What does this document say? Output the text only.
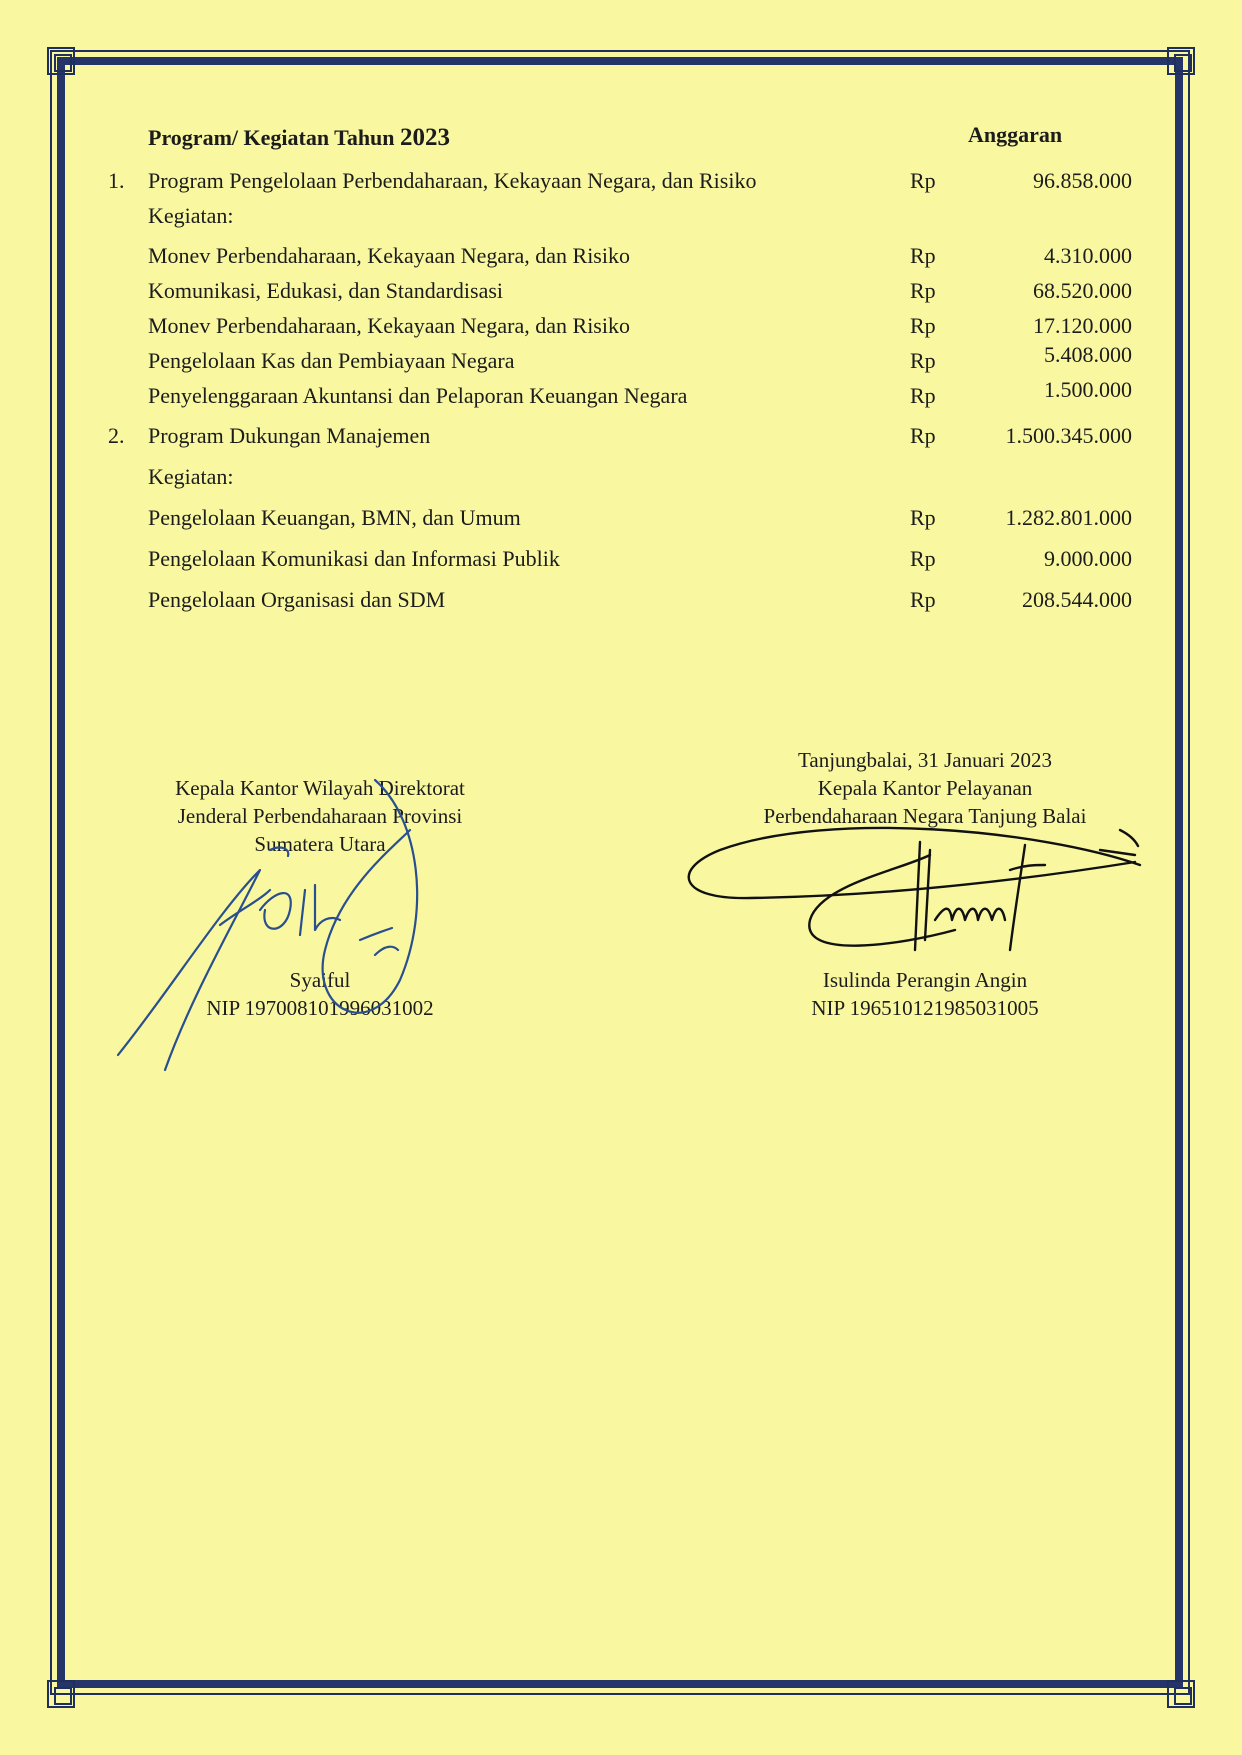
Program/ Kegiatan Tahun 2023	Anggaran
1. Program Pengelolaan Perbendaharaan, Kekayaan Negara, dan Risiko	Rp	96.858.000
Kegiatan:
Monev Perbendaharaan, Kekayaan Negara, dan Risiko	Rp	4.310.000
Komunikasi, Edukasi, dan Standardisasi	Rp	68.520.000
Monev Perbendaharaan, Kekayaan Negara, dan Risiko	Rp	17.120.000
Pengelolaan Kas dan Pembiayaan Negara	Rp	5.408.000
Penyelenggaraan Akuntansi dan Pelaporan Keuangan Negara	Rp	1.500.000
2. Program Dukungan Manajemen	Rp	1.500.345.000
Kegiatan:
Pengelolaan Keuangan, BMN, dan Umum	Rp	1.282.801.000
Pengelolaan Komunikasi dan Informasi Publik	Rp	9.000.000
Pengelolaan Organisasi dan SDM	Rp	208.544.000
Kepala Kantor Wilayah Direktorat
Jenderal Perbendaharaan Provinsi
Sumatera Utara
Syaiful
NIP 197008101996031002
Tanjungbalai, 31 Januari 2023
Kepala Kantor Pelayanan
Perbendaharaan Negara Tanjung Balai
Isulinda Perangin Angin
NIP 196510121985031005
